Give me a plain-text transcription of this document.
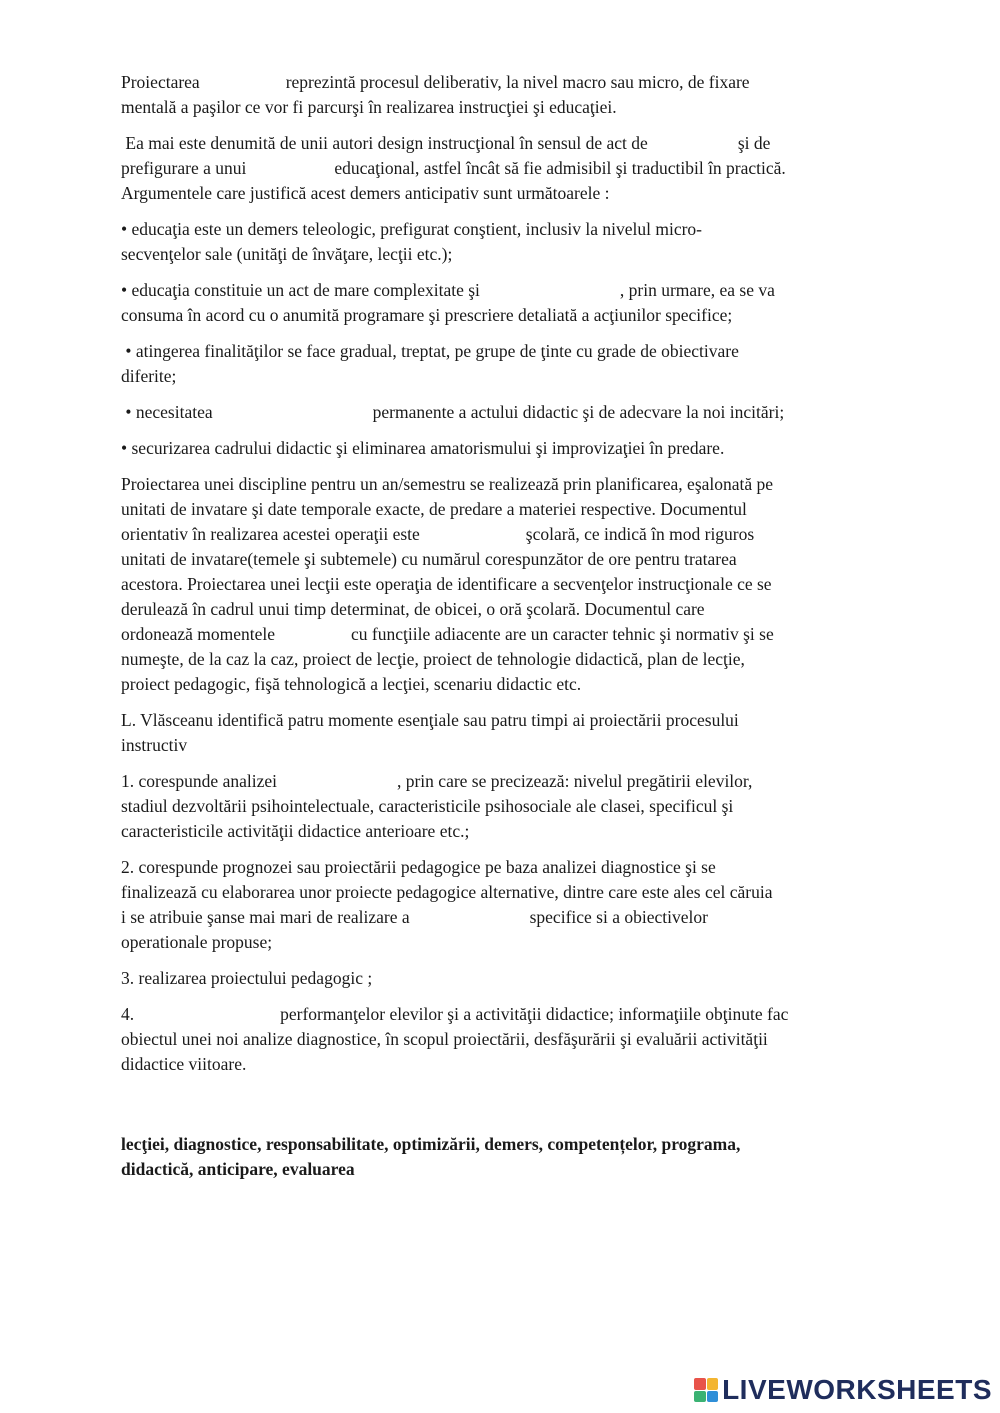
Proiectarea	reprezintă procesul deliberativ, la nivel macro sau micro, de fixare
mentală a paşilor ce vor fi parcurşi în realizarea instrucţiei şi educaţiei.

Ea mai este denumită de unii autori design instrucţional în sensul de act de	şi de
prefigurare a unui	educaţional, astfel încât să fie admisibil şi traductibil în practică.
Argumentele care justifică acest demers anticipativ sunt următoarele :

• educaţia este un demers teleologic, prefigurat conştient, inclusiv la nivelul micro-
secvenţelor sale (unităţi de învăţare, lecţii etc.);

• educaţia constituie un act de mare complexitate şi	, prin urmare, ea se va
consuma în acord cu o anumită programare şi prescriere detaliată a acţiunilor specifice;

• atingerea finalităţilor se face gradual, treptat, pe grupe de ţinte cu grade de obiectivare
diferite;

• necesitatea	permanente a actului didactic şi de adecvare la noi incitări;

• securizarea cadrului didactic şi eliminarea amatorismului şi improvizaţiei în predare.

Proiectarea unei discipline pentru un an/semestru se realizează prin planificarea, eşalonată pe
unitati de invatare şi date temporale exacte, de predare a materiei respective. Documentul
orientativ în realizarea acestei operaţii este	şcolară, ce indică în mod riguros
unitati de invatare(temele şi subtemele) cu numărul corespunzător de ore pentru tratarea
acestora. Proiectarea unei lecţii este operaţia de identificare a secvenţelor instrucţionale ce se
derulează în cadrul unui timp determinat, de obicei, o oră şcolară. Documentul care
ordonează momentele	cu funcţiile adiacente are un caracter tehnic şi normativ şi se
numeşte, de la caz la caz, proiect de lecţie, proiect de tehnologie didactică, plan de lecţie,
proiect pedagogic, fişă tehnologică a lecţiei, scenariu didactic etc.

L. Vlăsceanu identifică patru momente esenţiale sau patru timpi ai proiectării procesului
instructiv

1. corespunde analizei	, prin care se precizează: nivelul pregătirii elevilor,
stadiul dezvoltării psihointelectuale, caracteristicile psihosociale ale clasei, specificul şi
caracteristicile activităţii didactice anterioare etc.;

2. corespunde prognozei sau proiectării pedagogice pe baza analizei diagnostice şi se
finalizează cu elaborarea unor proiecte pedagogice alternative, dintre care este ales cel căruia
i se atribuie şanse mai mari de realizare a	specifice si a obiectivelor
operationale propuse;

3. realizarea proiectului pedagogic ;

4.	performanţelor elevilor şi a activităţii didactice; informaţiile obţinute fac
obiectul unei noi analize diagnostice, în scopul proiectării, desfăşurării şi evaluării activităţii
didactice viitoare.

lecţiei, diagnostice, responsabilitate, optimizării, demers, competențelor, programa,
didactică, anticipare, evaluarea

LIVEWORKSHEETS
